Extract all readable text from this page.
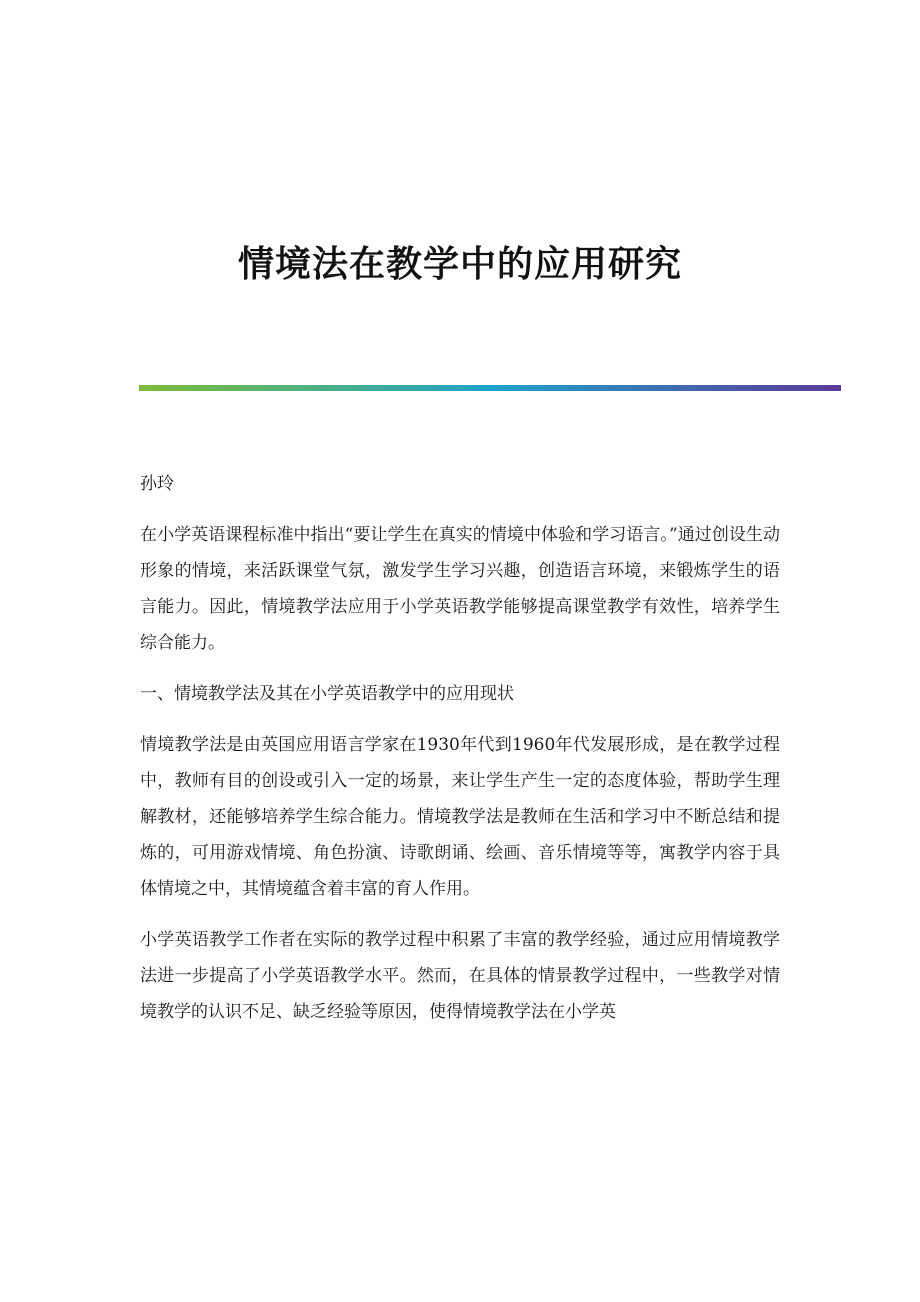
情境法在教学中的应用研究

孙玲

在小学英语课程标准中指出“要让学生在真实的情境中体验和学习语言。”通过创设生动形象的情境，来活跃课堂气氛，激发学生学习兴趣，创造语言环境，来锻炼学生的语言能力。因此，情境教学法应用于小学英语教学能够提高课堂教学有效性，培养学生综合能力。

一、情境教学法及其在小学英语教学中的应用现状

情境教学法是由英国应用语言学家在1930年代到1960年代发展形成，是在教学过程中，教师有目的创设或引入一定的场景，来让学生产生一定的态度体验，帮助学生理解教材，还能够培养学生综合能力。情境教学法是教师在生活和学习中不断总结和提炼的，可用游戏情境、角色扮演、诗歌朗诵、绘画、音乐情境等等，寓教学内容于具体情境之中，其情境蕴含着丰富的育人作用。

小学英语教学工作者在实际的教学过程中积累了丰富的教学经验，通过应用情境教学法进一步提高了小学英语教学水平。然而，在具体的情景教学过程中，一些教学对情境教学的认识不足、缺乏经验等原因，使得情境教学法在小学英
